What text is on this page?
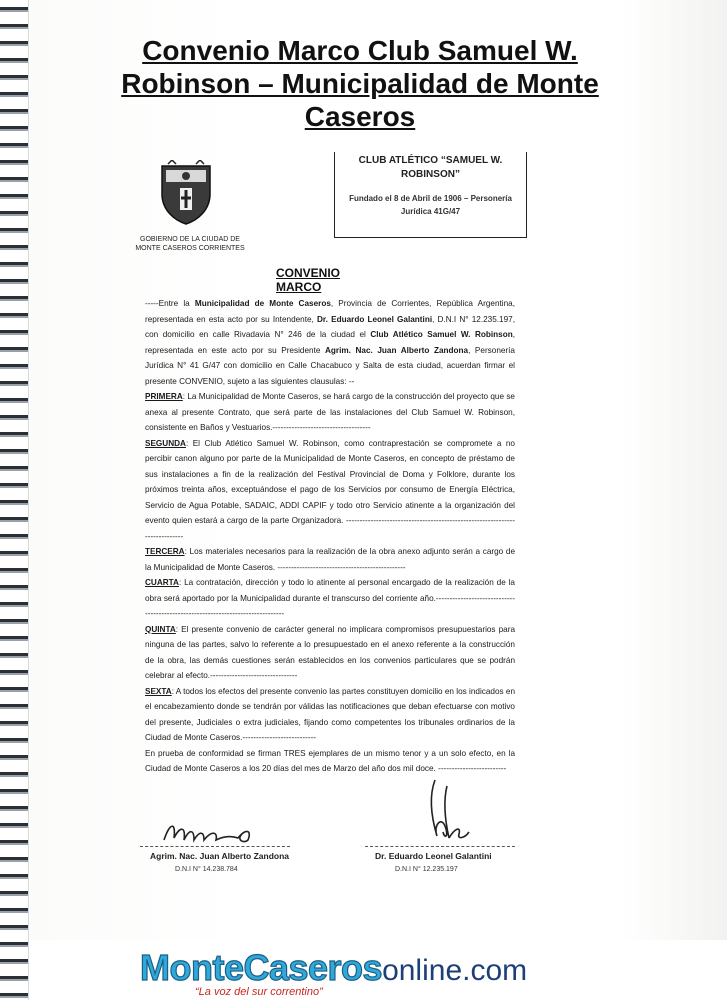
Convenio Marco Club Samuel W. Robinson – Municipalidad de Monte Caseros
GOBIERNO DE LA CIUDAD DE MONTE CASEROS CORRIENTES

CLUB ATLÉTICO “SAMUEL W. ROBINSON”

Fundado el 8 de Abril de 1906 – Personería Jurídica 41G/47

CONVENIO MARCO

-----Entre la Municipalidad de Monte Caseros, Provincia de Corrientes, República Argentina, representada en esta acto por su Intendente, Dr. Eduardo Leonel Galantini, D.N.I N° 12.235.197, con domicilio en calle Rivadavia N° 246 de la ciudad el Club Atlético Samuel W. Robinson, representada en este acto por su Presidente Agrim. Nac. Juan Alberto Zandona, Personería Jurídica N° 41 G/47 con domicilio en Calle Chacabuco y Salta de esta ciudad, acuerdan firmar el presente CONVENIO, sujeto a las siguientes clausulas: --

PRIMERA: La Municipalidad de Monte Caseros, se hará cargo de la construcción del proyecto que se anexa al presente Contrato, que será parte de las instalaciones del Club Samuel W. Robinson, consistente en Baños y Vestuarios.------------------------------------

SEGUNDA: El Club Atlético Samuel W. Robinson, como contraprestación se compromete a no percibir canon alguno por parte de la Municipalidad de Monte Caseros, en concepto de préstamo de sus instalaciones a fin de la realización del Festival Provincial de Doma y Folklore, durante los próximos treinta años, exceptuándose el pago de los Servicios por consumo de Energía Eléctrica, Servicio de Agua Potable, SADAIC, ADDI CAPIF y todo otro Servicio atinente a la organización del evento quien estará a cargo de la parte Organizadora. ----------------------------------------------------------------------------

TERCERA: Los materiales necesarios para la realización de la obra anexo adjunto serán a cargo de la Municipalidad de Monte Caseros. -----------------------------------------------

CUARTA: La contratación, dirección y todo lo atinente al personal encargado de la realización de la obra será aportado por la Municipalidad durante el transcurso del corriente año.--------------------------------------------------------------------------------

QUINTA: El presente convenio de carácter general no implicara compromisos presupuestarios para ninguna de las partes, salvo lo referente a lo presupuestado en el anexo referente a la construcción de la obra, las demás cuestiones serán establecidos en los convenios particulares que se podrán celebrar al efecto.--------------------------------

SEXTA: A todos los efectos del presente convenio las partes constituyen domicilio en los indicados en el encabezamiento donde se tendrán por válidas las notificaciones que deban efectuarse con motivo del presente, Judiciales o extra judiciales, fijando como competentes los tribunales ordinarios de la Ciudad de Monte Caseros.---------------------------

En prueba de conformidad se firman TRES ejemplares de un mismo tenor y a un solo efecto, en la Ciudad de Monte Caseros a los 20 días del mes de Marzo del año dos mil doce. -------------------------

Agrim. Nac. Juan Alberto Zandona
D.N.I N° 14.238.784
Dr. Eduardo Leonel Galantini
D.N.I N° 12.235.197
MonteCaserosonline.com
“La voz del sur correntino”
